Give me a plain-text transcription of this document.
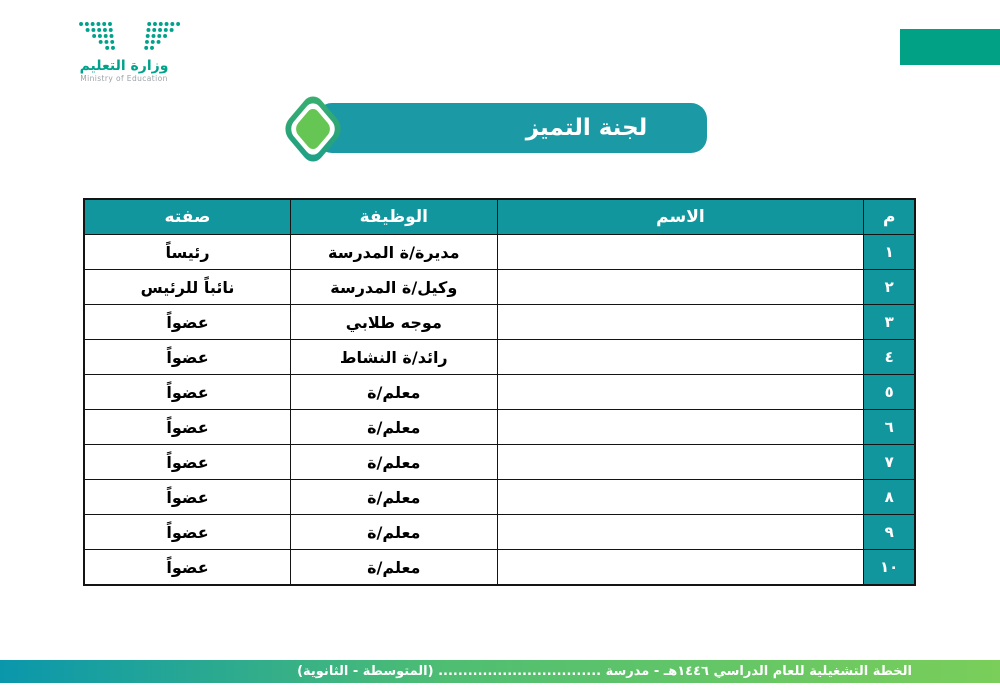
وزارة التعليم
Ministry of Education
لجنة التميز
م	الاسم	الوظيفة	صفته
١		مديرة/ة المدرسة	رئيساً
٢		وكيل/ة المدرسة	نائباً للرئيس
٣		موجه طلابي	عضواً
٤		رائد/ة النشاط	عضواً
٥		معلم/ة	عضواً
٦		معلم/ة	عضواً
٧		معلم/ة	عضواً
٨		معلم/ة	عضواً
٩		معلم/ة	عضواً
١٠		معلم/ة	عضواً
الخطة التشغيلية للعام الدراسي ١٤٤٦هـ - مدرسة ................................. (المتوسطة - الثانوية)
